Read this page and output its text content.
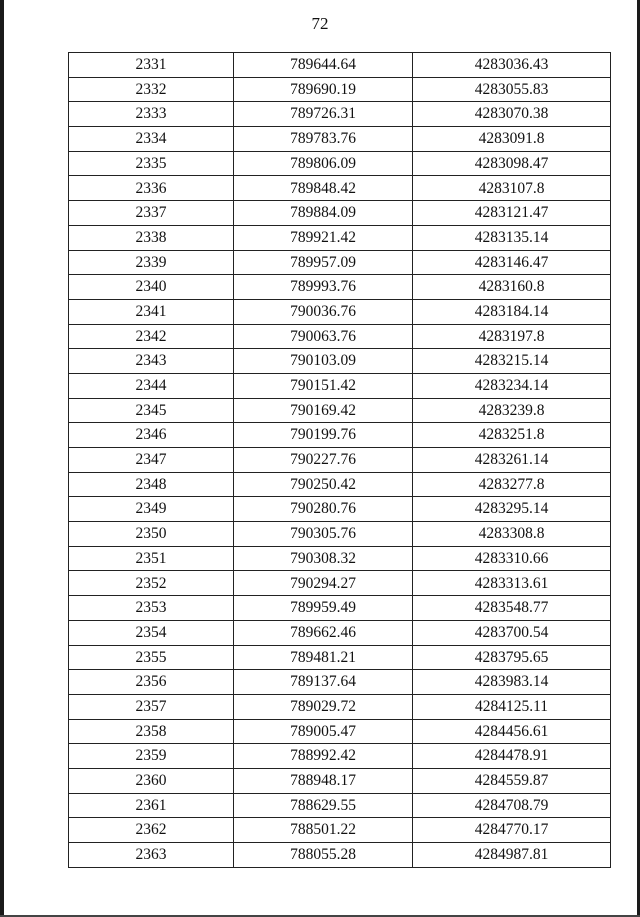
72
2331	789644.64	4283036.43
2332	789690.19	4283055.83
2333	789726.31	4283070.38
2334	789783.76	4283091.8
2335	789806.09	4283098.47
2336	789848.42	4283107.8
2337	789884.09	4283121.47
2338	789921.42	4283135.14
2339	789957.09	4283146.47
2340	789993.76	4283160.8
2341	790036.76	4283184.14
2342	790063.76	4283197.8
2343	790103.09	4283215.14
2344	790151.42	4283234.14
2345	790169.42	4283239.8
2346	790199.76	4283251.8
2347	790227.76	4283261.14
2348	790250.42	4283277.8
2349	790280.76	4283295.14
2350	790305.76	4283308.8
2351	790308.32	4283310.66
2352	790294.27	4283313.61
2353	789959.49	4283548.77
2354	789662.46	4283700.54
2355	789481.21	4283795.65
2356	789137.64	4283983.14
2357	789029.72	4284125.11
2358	789005.47	4284456.61
2359	788992.42	4284478.91
2360	788948.17	4284559.87
2361	788629.55	4284708.79
2362	788501.22	4284770.17
2363	788055.28	4284987.81
